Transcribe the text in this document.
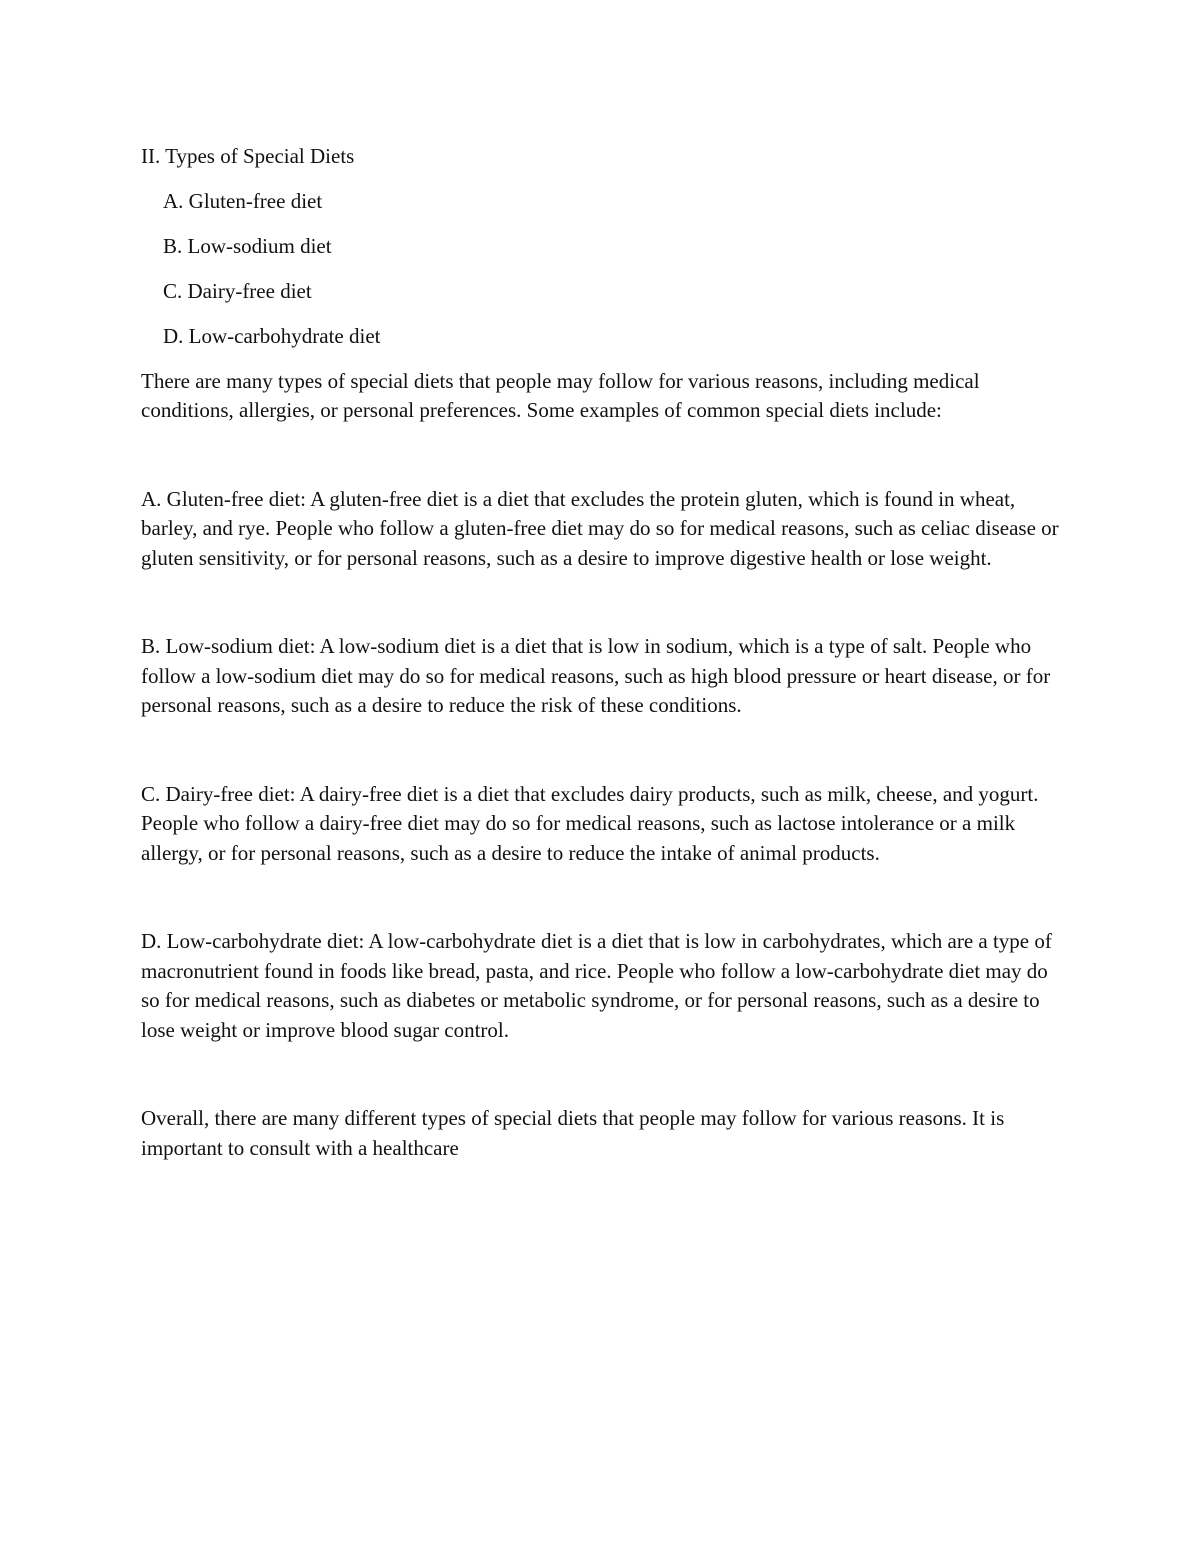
II. Types of Special Diets

A. Gluten-free diet
B. Low-sodium diet
C. Dairy-free diet
D. Low-carbohydrate diet

There are many types of special diets that people may follow for various reasons, including medical conditions, allergies, or personal preferences. Some examples of common special diets include:

A. Gluten-free diet: A gluten-free diet is a diet that excludes the protein gluten, which is found in wheat, barley, and rye. People who follow a gluten-free diet may do so for medical reasons, such as celiac disease or gluten sensitivity, or for personal reasons, such as a desire to improve digestive health or lose weight.

B. Low-sodium diet: A low-sodium diet is a diet that is low in sodium, which is a type of salt. People who follow a low-sodium diet may do so for medical reasons, such as high blood pressure or heart disease, or for personal reasons, such as a desire to reduce the risk of these conditions.

C. Dairy-free diet: A dairy-free diet is a diet that excludes dairy products, such as milk, cheese, and yogurt. People who follow a dairy-free diet may do so for medical reasons, such as lactose intolerance or a milk allergy, or for personal reasons, such as a desire to reduce the intake of animal products.

D. Low-carbohydrate diet: A low-carbohydrate diet is a diet that is low in carbohydrates, which are a type of macronutrient found in foods like bread, pasta, and rice. People who follow a low-carbohydrate diet may do so for medical reasons, such as diabetes or metabolic syndrome, or for personal reasons, such as a desire to lose weight or improve blood sugar control.

Overall, there are many different types of special diets that people may follow for various reasons. It is important to consult with a healthcare
